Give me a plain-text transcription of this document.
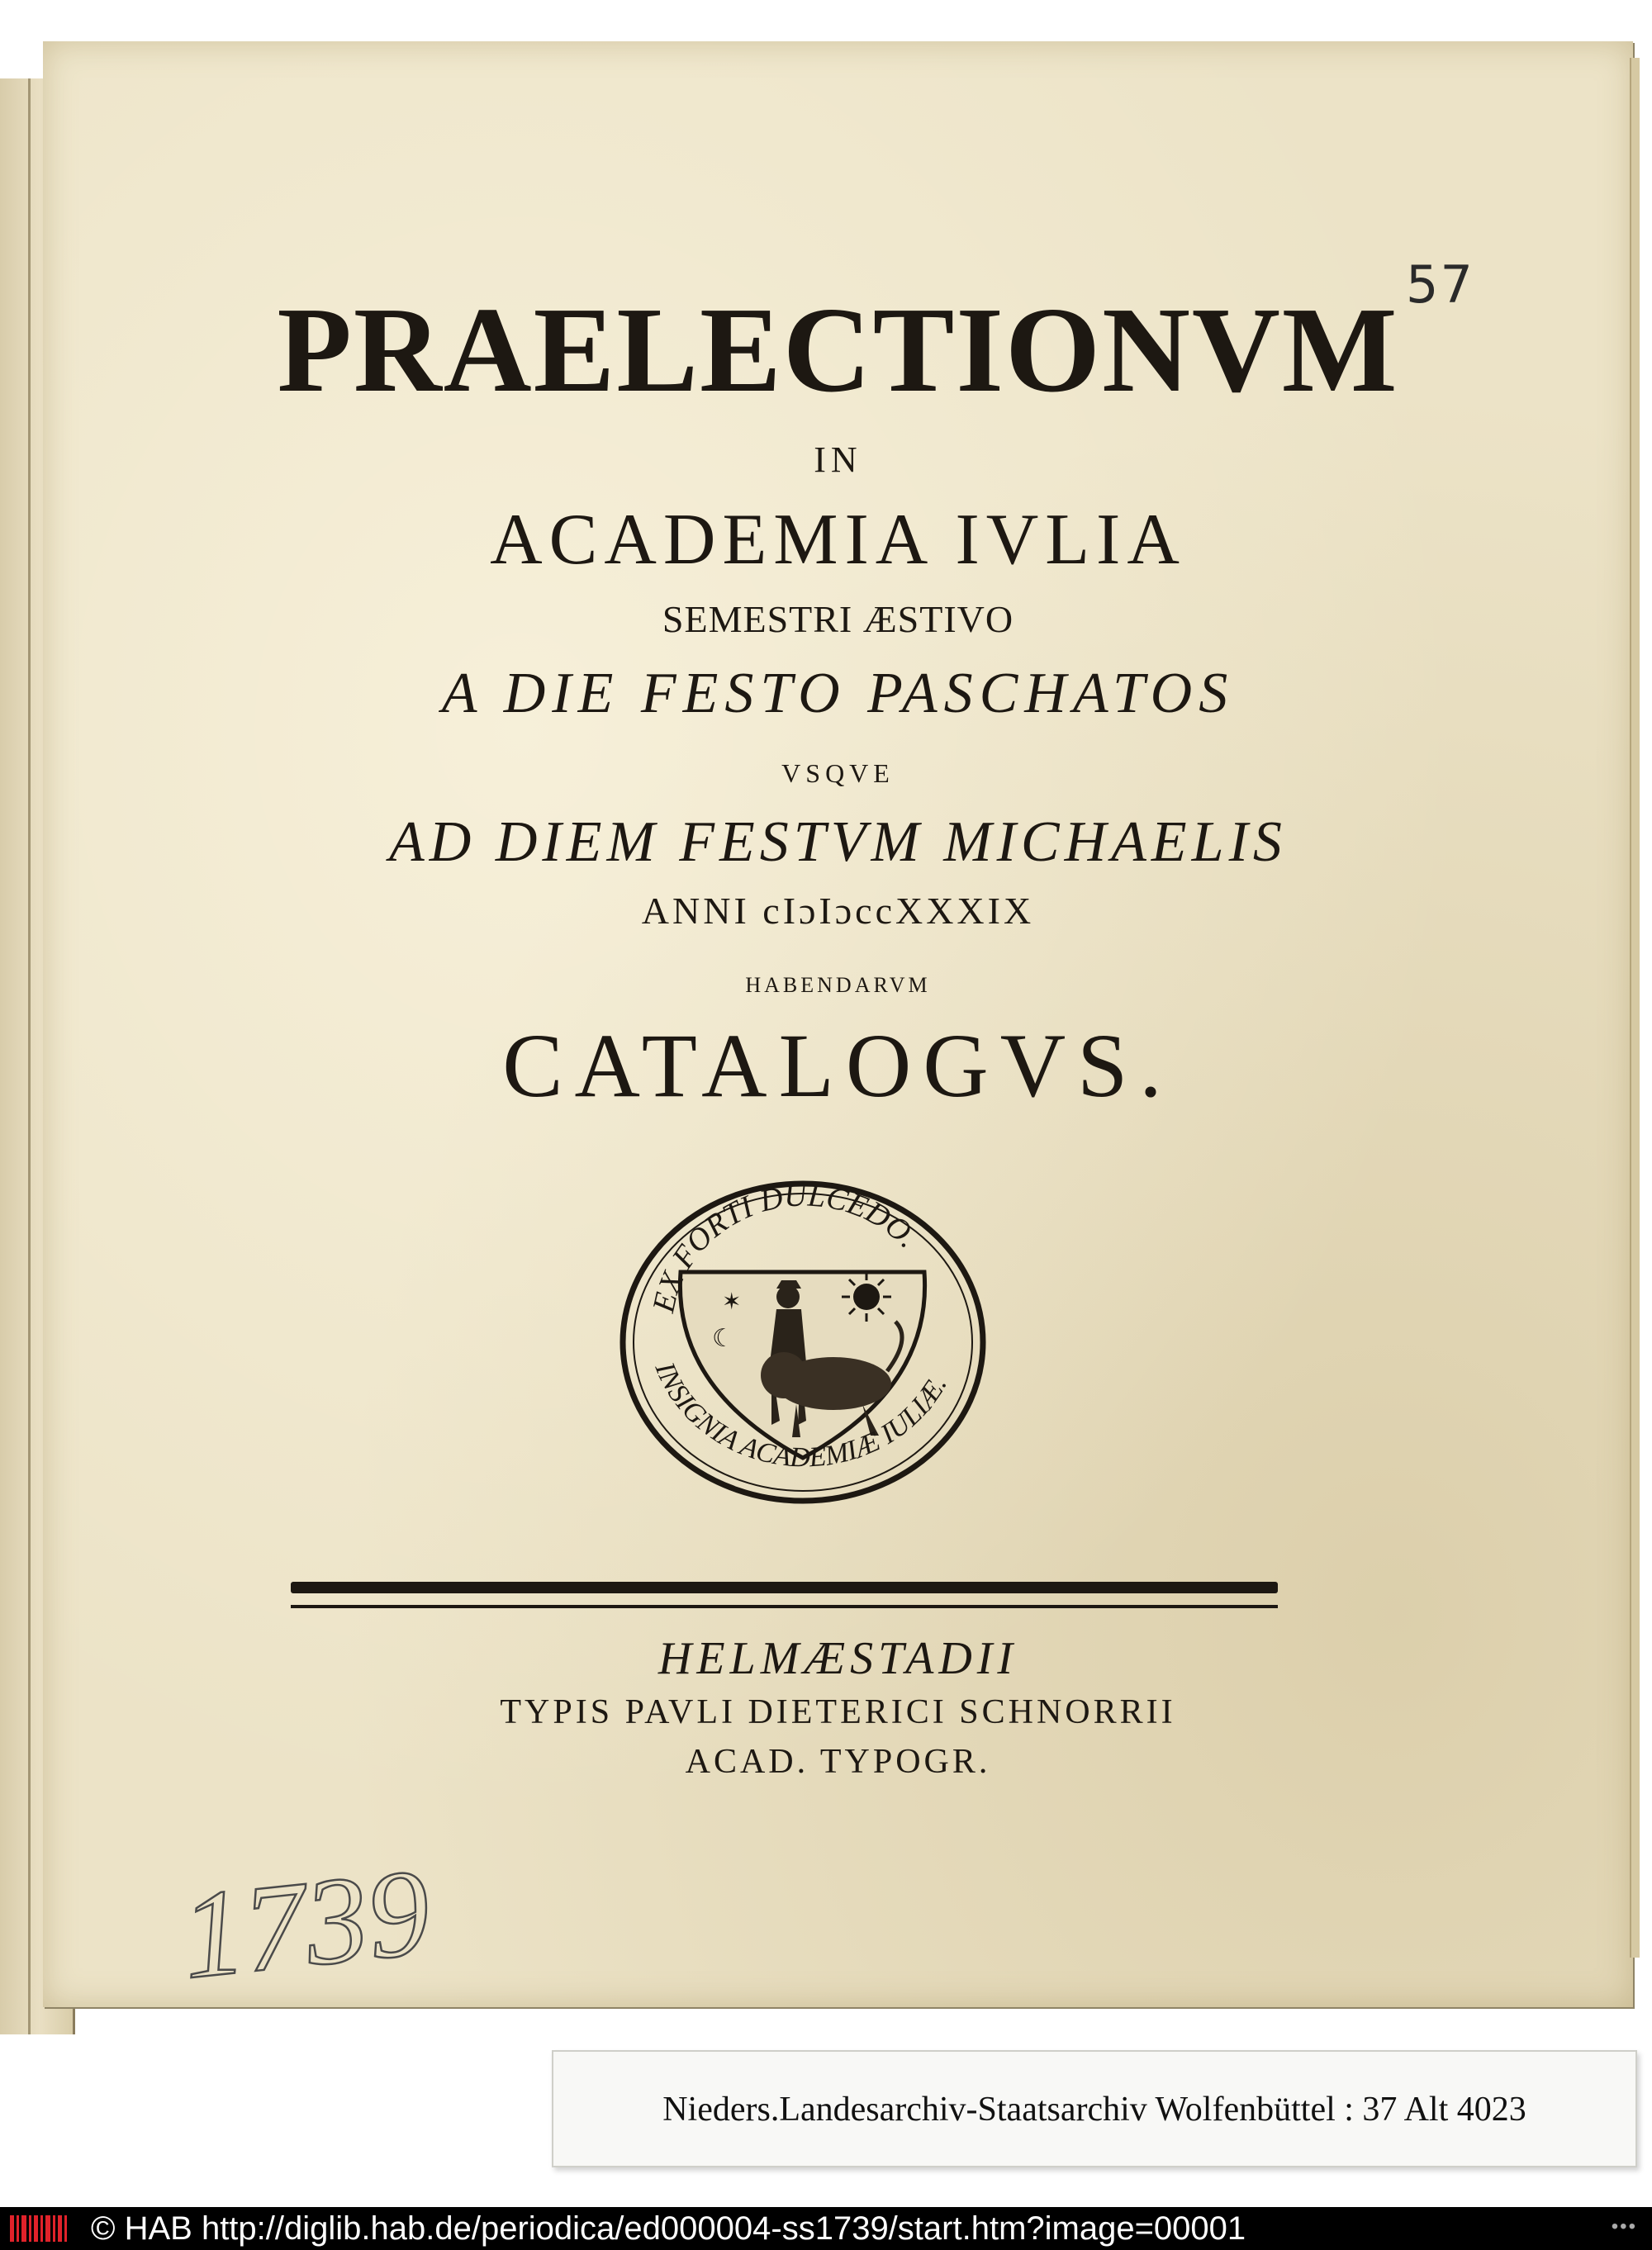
57
PRAELECTIONVM
IN
ACADEMIA IVLIA
SEMESTRI ÆSTIVO
A DIE FESTO PASCHATOS
VSQVE
AD DIEM FESTVM MICHAELIS
ANNI cIɔIɔccXXXIX
HABENDARVM
CATALOGVS.
✶
☾
EX FORTI DULCEDO.
INSIGNIA ACADEMIÆ IULIÆ.
HELMÆSTADII
TYPIS PAVLI DIETERICI SCHNORRII
ACAD. TYPOGR.
1739
Nieders.Landesarchiv-Staatsarchiv Wolfenbüttel : 37 Alt 4023
© HAB http://diglib.hab.de/periodica/ed000004-ss1739/start.htm?image=00001	•••
